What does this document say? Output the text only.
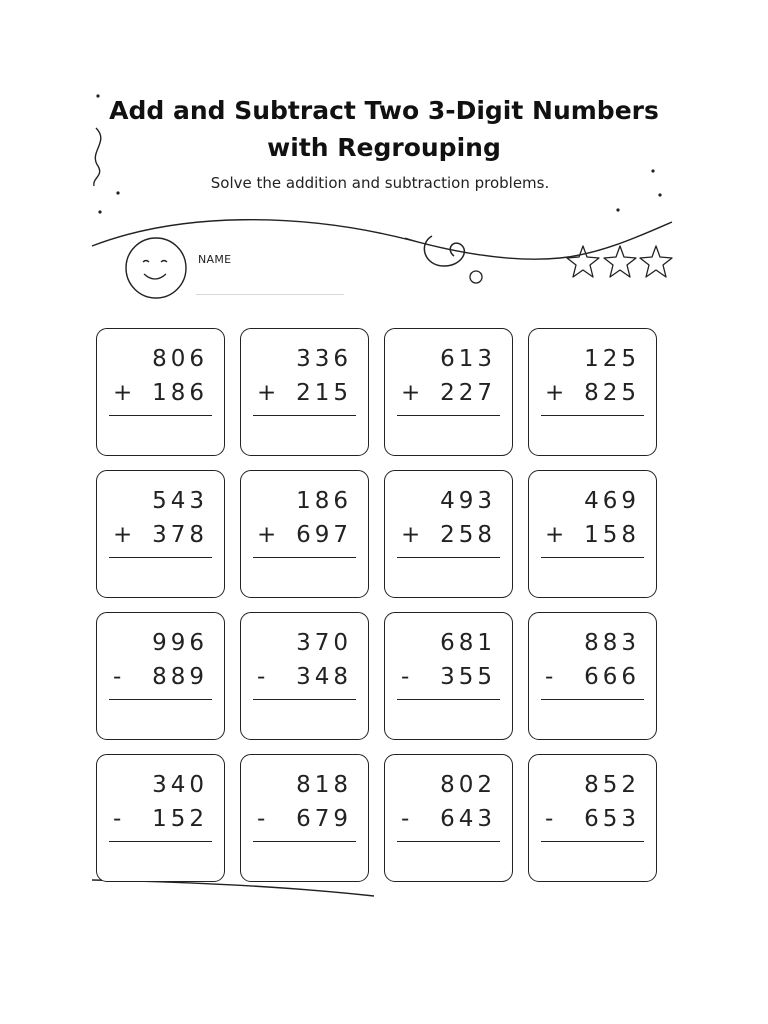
Add and Subtract Two 3-Digit Numbers
with Regrouping
Solve the addition and subtraction problems.
NAME
806
+ 186
336
+ 215
613
+ 227
125
+ 825
543
+ 378
186
+ 697
493
+ 258
469
+ 158
996
- 889
370
- 348
681
- 355
883
- 666
340
- 152
818
- 679
802
- 643
852
- 653
